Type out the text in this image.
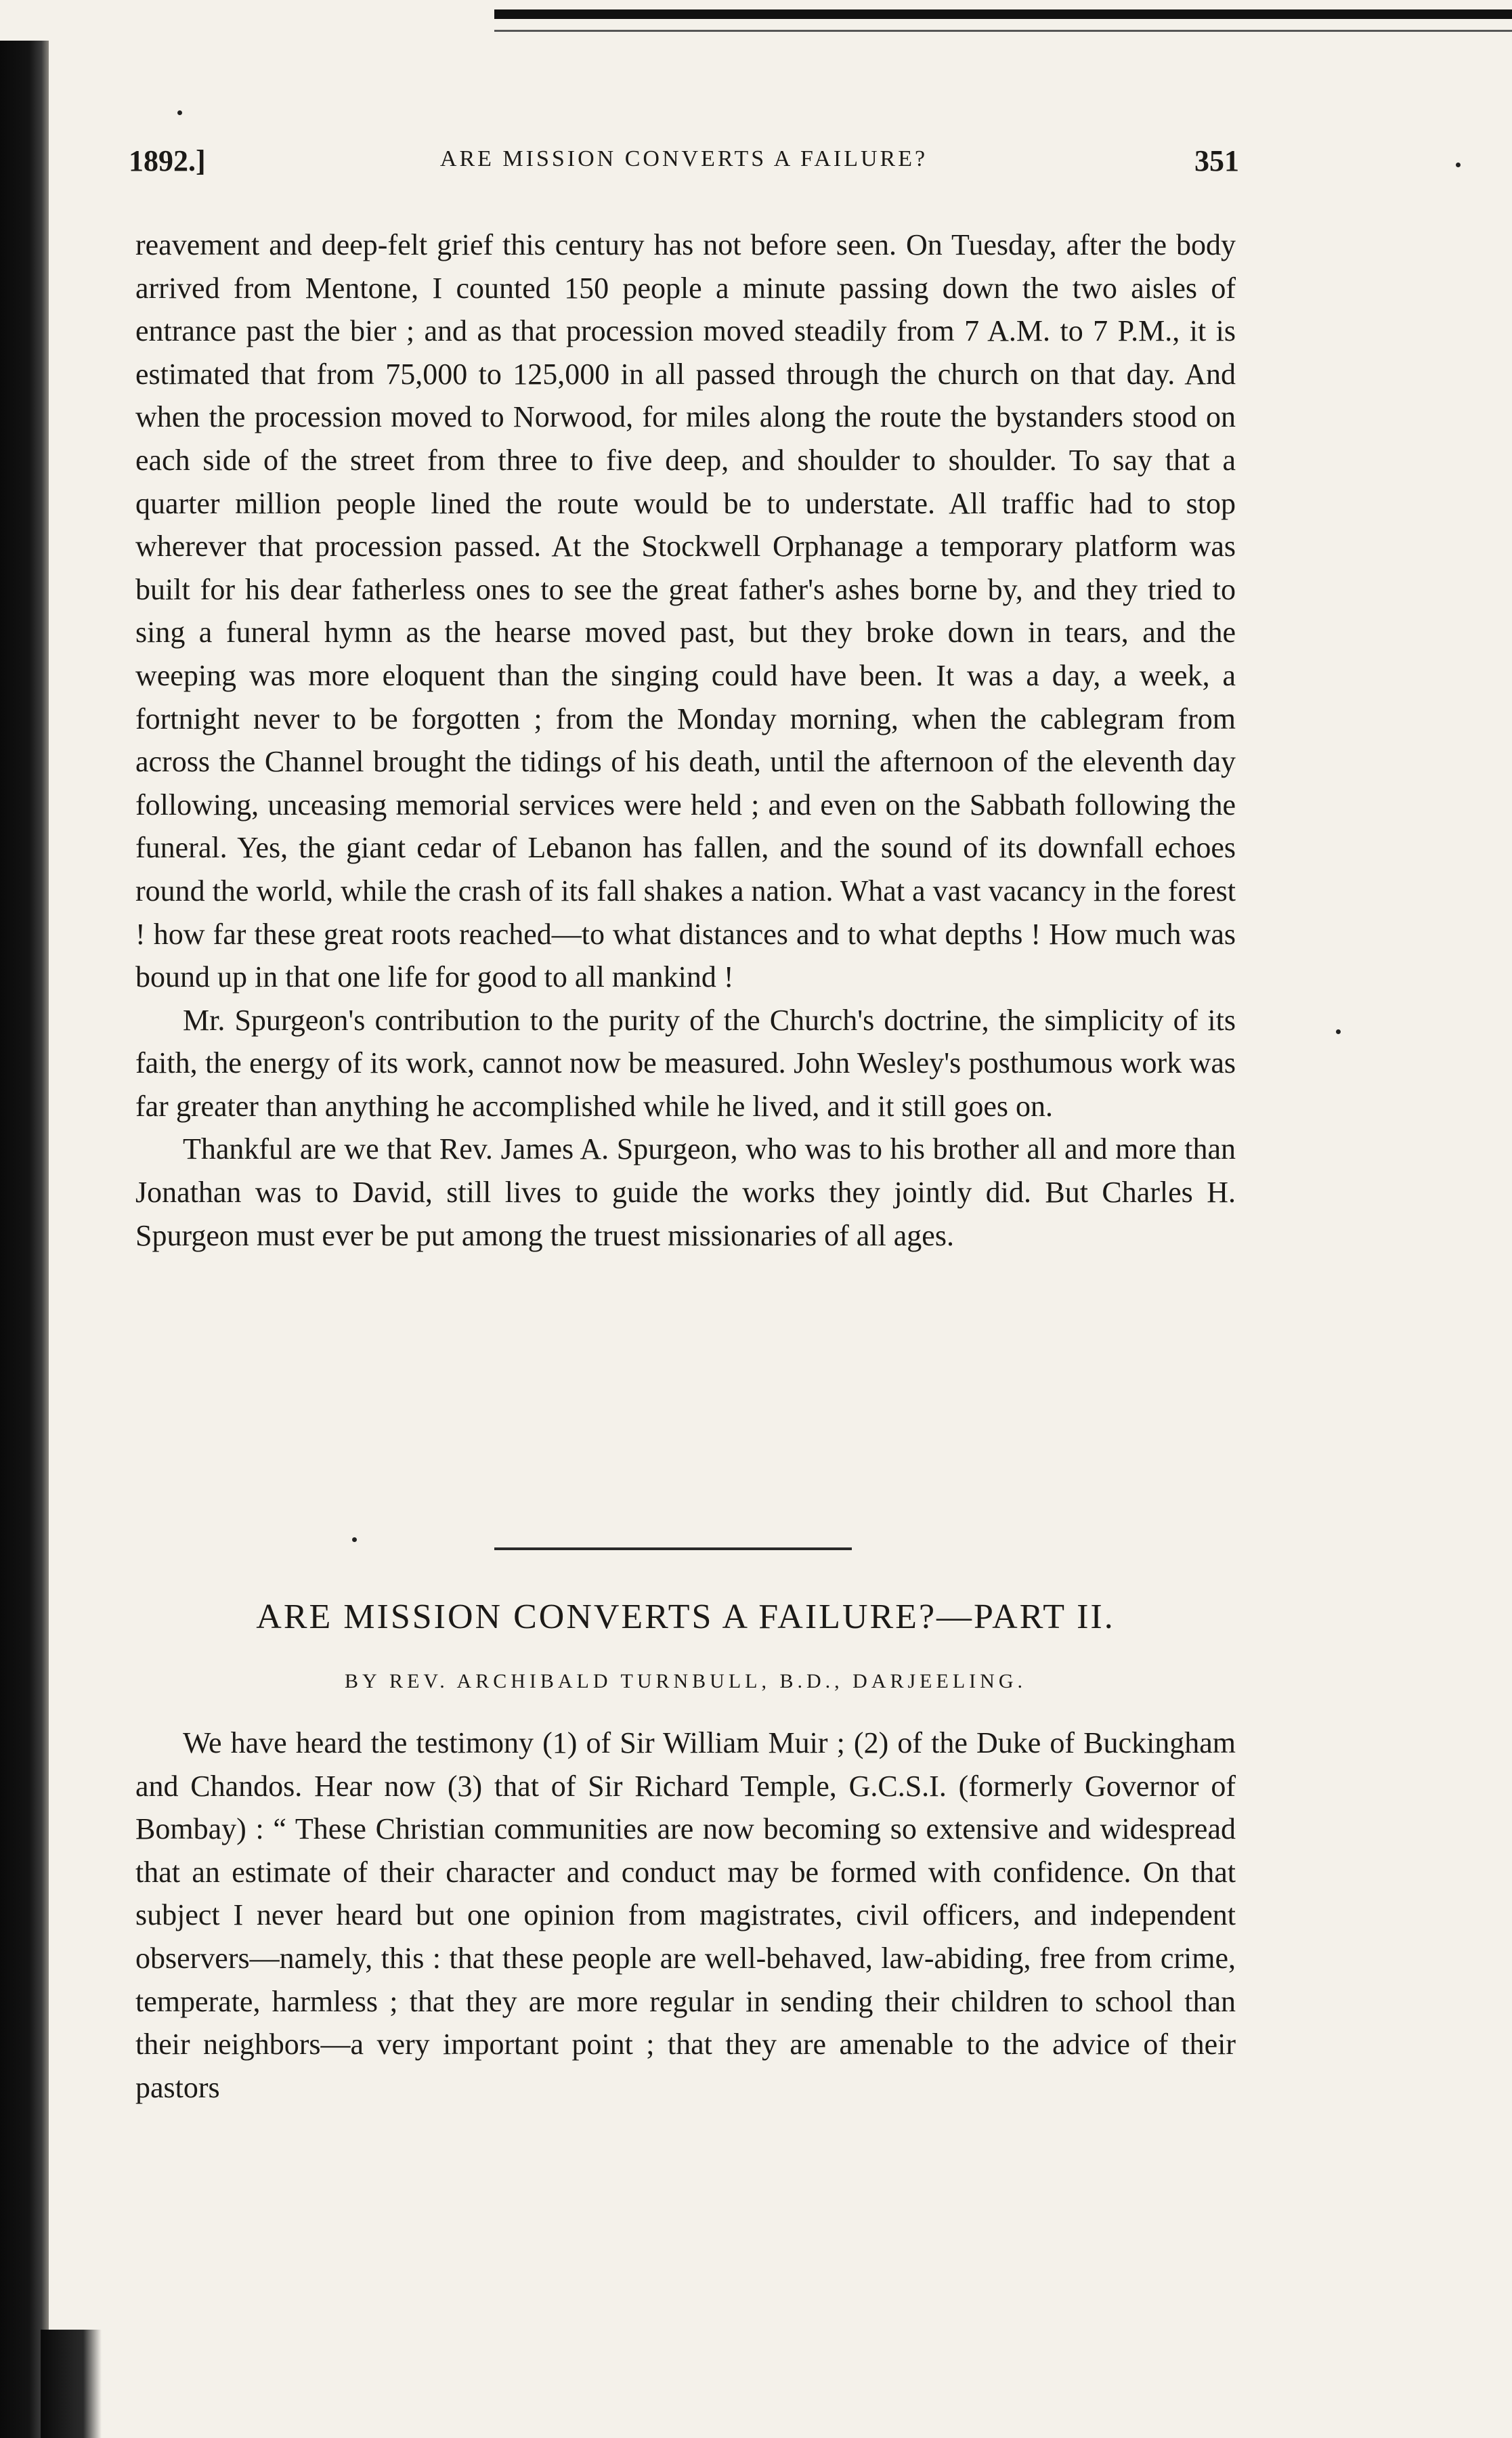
1892.]	ARE MISSION CONVERTS A FAILURE?	351

reavement and deep-felt grief this century has not before seen. On Tuesday, after the body arrived from Mentone, I counted 150 people a minute passing down the two aisles of entrance past the bier ; and as that procession moved steadily from 7 A.M. to 7 P.M., it is estimated that from 75,000 to 125,000 in all passed through the church on that day. And when the procession moved to Norwood, for miles along the route the bystanders stood on each side of the street from three to five deep, and shoulder to shoulder. To say that a quarter million people lined the route would be to understate. All traffic had to stop wherever that procession passed. At the Stockwell Orphanage a temporary platform was built for his dear fatherless ones to see the great father's ashes borne by, and they tried to sing a funeral hymn as the hearse moved past, but they broke down in tears, and the weeping was more eloquent than the singing could have been. It was a day, a week, a fortnight never to be forgotten ; from the Monday morning, when the cablegram from across the Channel brought the tidings of his death, until the afternoon of the eleventh day following, unceasing memorial services were held ; and even on the Sabbath following the funeral. Yes, the giant cedar of Lebanon has fallen, and the sound of its downfall echoes round the world, while the crash of its fall shakes a nation. What a vast vacancy in the forest ! how far these great roots reached—to what distances and to what depths ! How much was bound up in that one life for good to all mankind !

Mr. Spurgeon's contribution to the purity of the Church's doctrine, the simplicity of its faith, the energy of its work, cannot now be measured. John Wesley's posthumous work was far greater than anything he accomplished while he lived, and it still goes on.

Thankful are we that Rev. James A. Spurgeon, who was to his brother all and more than Jonathan was to David, still lives to guide the works they jointly did. But Charles H. Spurgeon must ever be put among the truest missionaries of all ages.

ARE MISSION CONVERTS A FAILURE?—PART II.
BY REV. ARCHIBALD TURNBULL, B.D., DARJEELING.

We have heard the testimony (1) of Sir William Muir ; (2) of the Duke of Buckingham and Chandos. Hear now (3) that of Sir Richard Temple, G.C.S.I. (formerly Governor of Bombay) : “ These Christian communities are now becoming so extensive and widespread that an estimate of their character and conduct may be formed with confidence. On that subject I never heard but one opinion from magistrates, civil officers, and independent observers—namely, this : that these people are well-behaved, law-abiding, free from crime, temperate, harmless ; that they are more regular in sending their children to school than their neighbors—a very important point ; that they are amenable to the advice of their pastors
